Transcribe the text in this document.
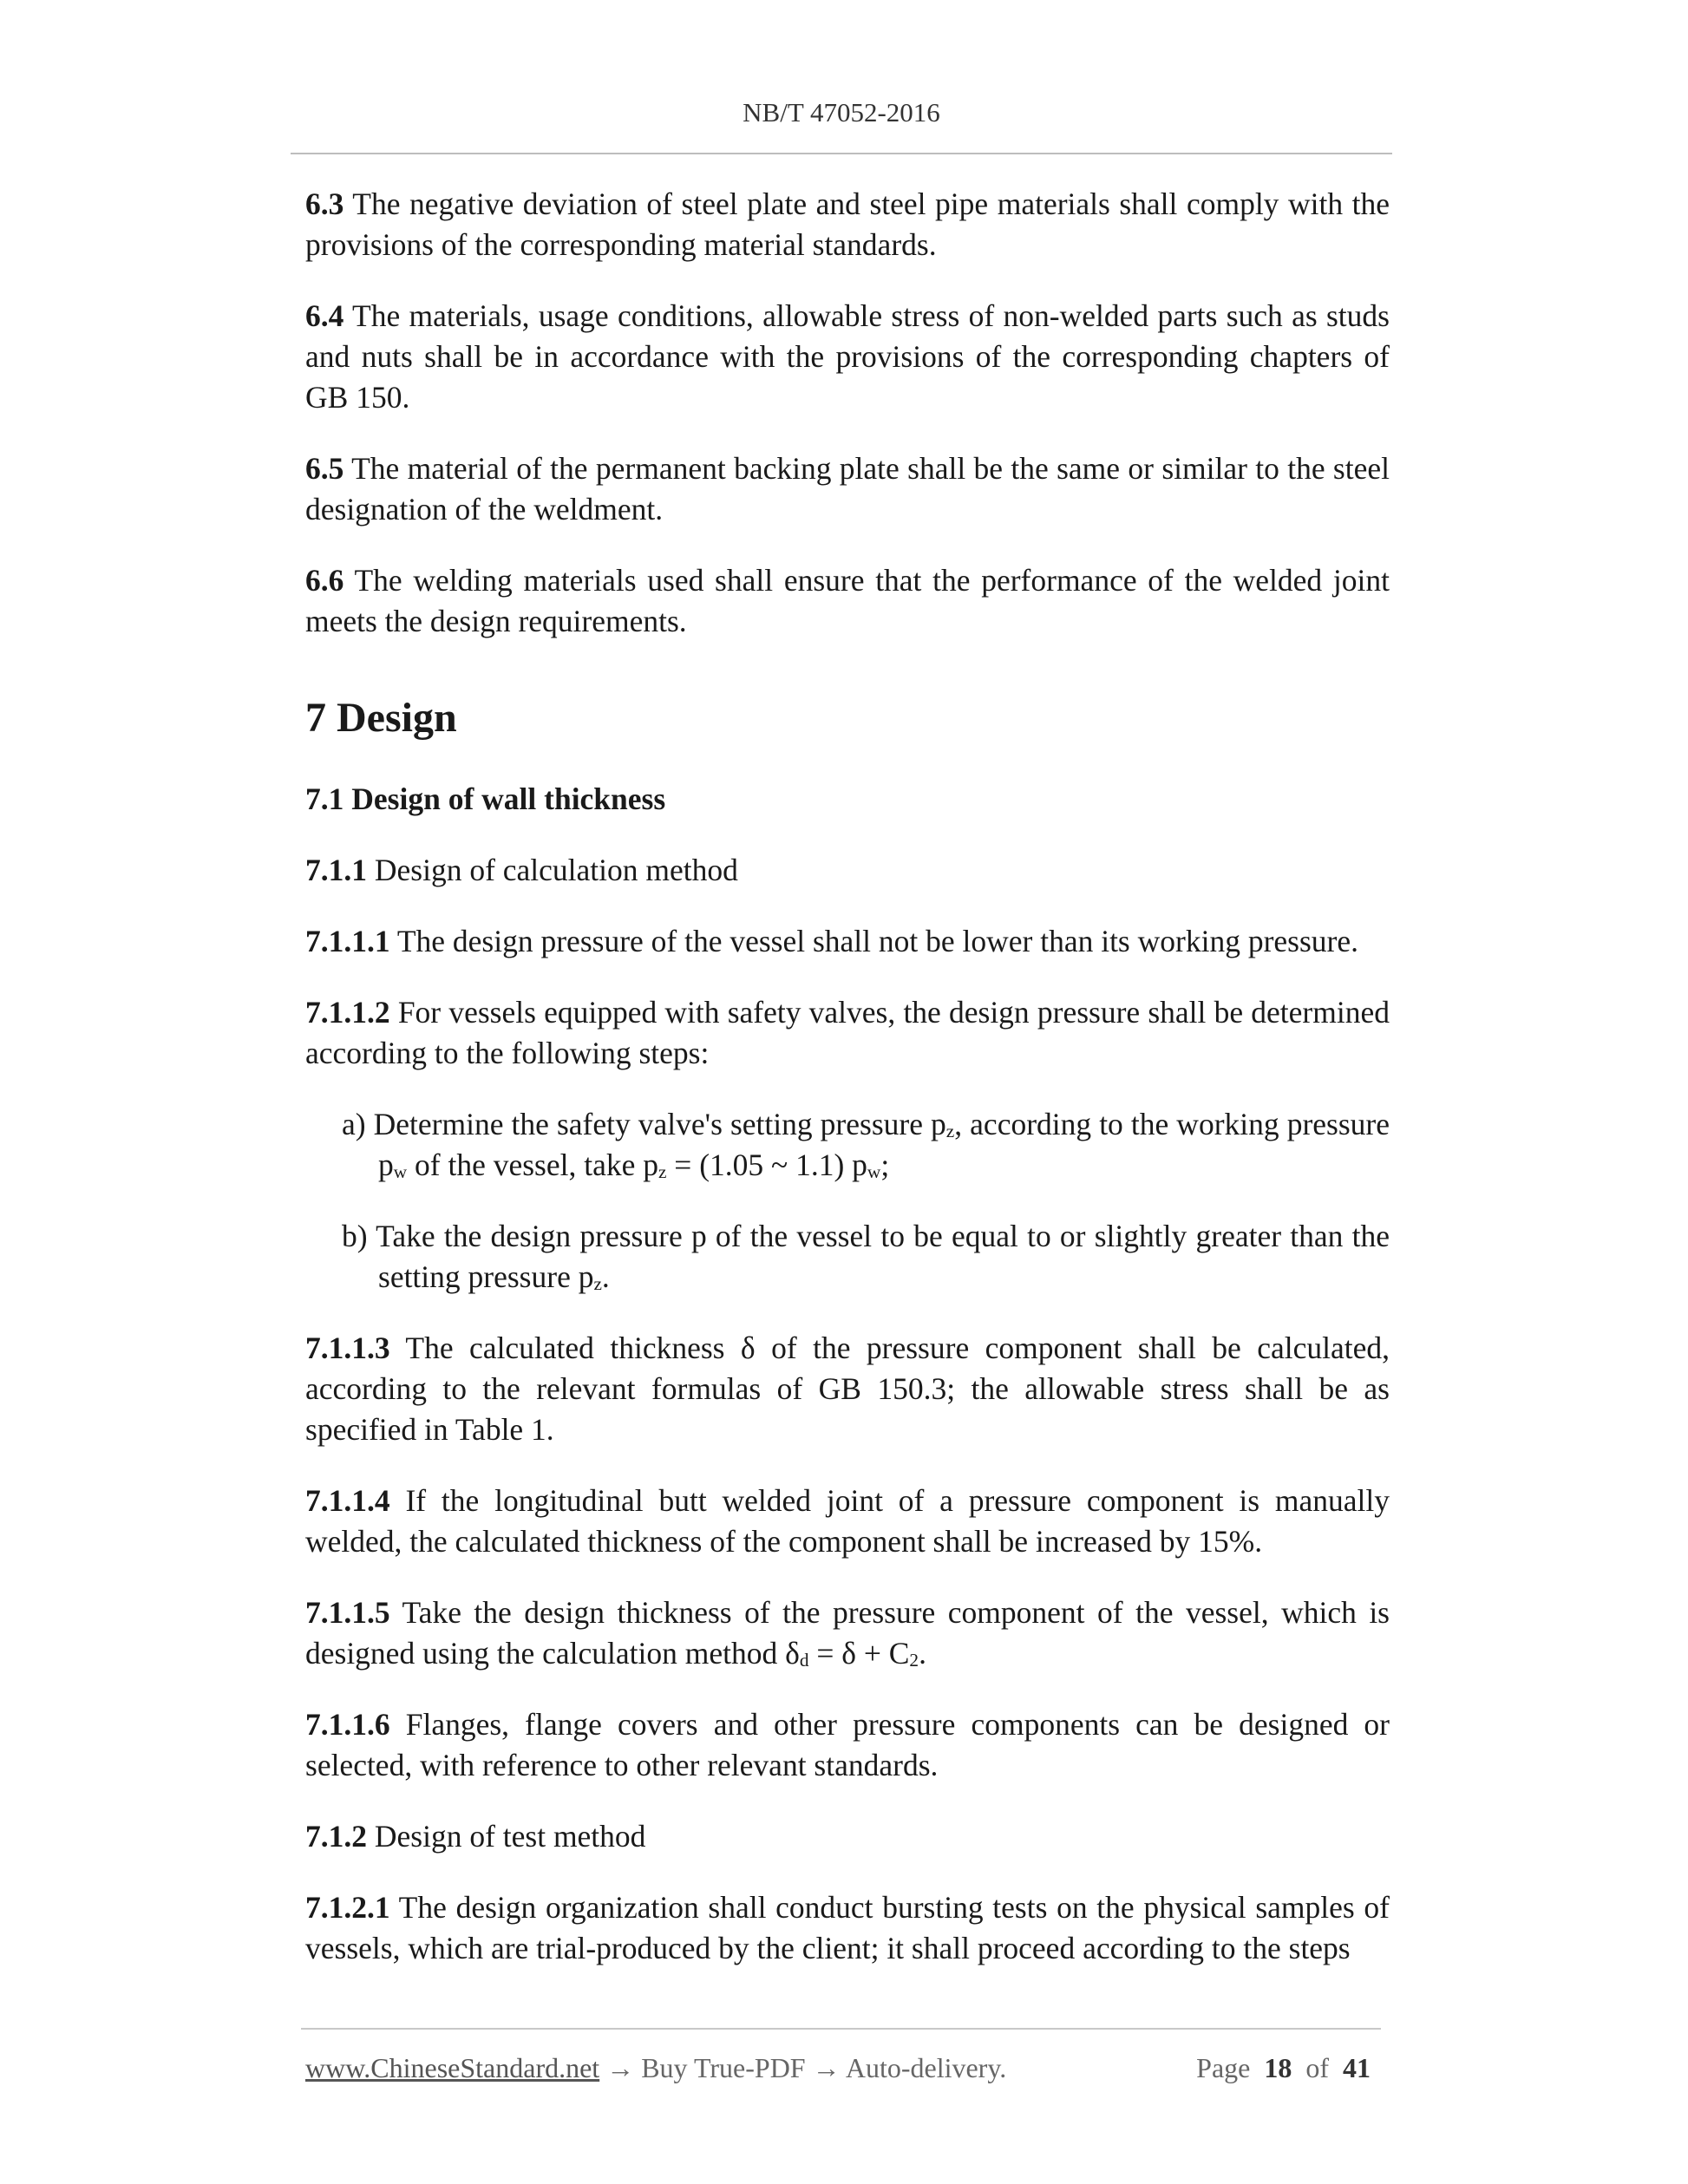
NB/T 47052-2016

6.3 The negative deviation of steel plate and steel pipe materials shall comply with the provisions of the corresponding material standards.

6.4 The materials, usage conditions, allowable stress of non-welded parts such as studs and nuts shall be in accordance with the provisions of the corresponding chapters of GB 150.

6.5 The material of the permanent backing plate shall be the same or similar to the steel designation of the weldment.

6.6 The welding materials used shall ensure that the performance of the welded joint meets the design requirements.

7 Design

7.1 Design of wall thickness

7.1.1 Design of calculation method

7.1.1.1 The design pressure of the vessel shall not be lower than its working pressure.

7.1.1.2 For vessels equipped with safety valves, the design pressure shall be determined according to the following steps:

a) Determine the safety valve's setting pressure $p_z$, according to the working pressure $p_w$ of the vessel, take $p_z = (1.05$ ~ 1.1) $p_w$;

b) Take the design pressure p of the vessel to be equal to or slightly greater than the setting pressure $p_z$.

7.1.1.3 The calculated thickness δ of the pressure component shall be calculated, according to the relevant formulas of GB 150.3; the allowable stress shall be as specified in Table 1.

7.1.1.4 If the longitudinal butt welded joint of a pressure component is manually welded, the calculated thickness of the component shall be increased by 15%.

7.1.1.5 Take the design thickness of the pressure component of the vessel, which is designed using the calculation method $\delta_d = \delta + C_2$.

7.1.1.6 Flanges, flange covers and other pressure components can be designed or selected, with reference to other relevant standards.

7.1.2 Design of test method

7.1.2.1 The design organization shall conduct bursting tests on the physical samples of vessels, which are trial-produced by the client; it shall proceed according to the steps

www.ChineseStandard.net → Buy True-PDF → Auto-delivery.	Page 18 of 41
